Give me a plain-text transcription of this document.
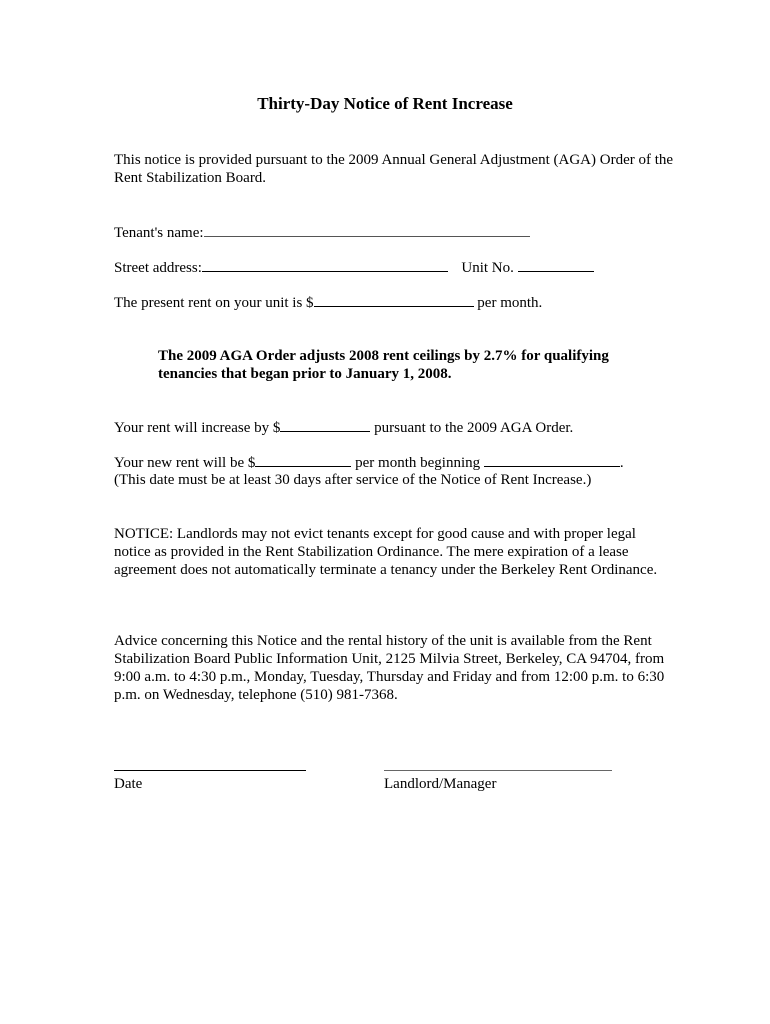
Thirty-Day Notice of Rent Increase
This notice is provided pursuant to the 2009 Annual General Adjustment (AGA) Order of the Rent Stabilization Board.
Tenant's name:
Street address:	Unit No.
The present rent on your unit is $	per month.
The 2009 AGA Order adjusts 2008 rent ceilings by 2.7% for qualifying tenancies that began prior to January 1, 2008.
Your rent will increase by $	pursuant to the 2009 AGA Order.
Your new rent will be $	per month beginning	.
(This date must be at least 30 days after service of the Notice of Rent Increase.)
NOTICE: Landlords may not evict tenants except for good cause and with proper legal notice as provided in the Rent Stabilization Ordinance. The mere expiration of a lease agreement does not automatically terminate a tenancy under the Berkeley Rent Ordinance.
Advice concerning this Notice and the rental history of the unit is available from the Rent Stabilization Board Public Information Unit, 2125 Milvia Street, Berkeley, CA 94704, from 9:00 a.m. to 4:30 p.m., Monday, Tuesday, Thursday and Friday and from 12:00 p.m. to 6:30 p.m. on Wednesday, telephone (510) 981-7368.
Date	Landlord/Manager
